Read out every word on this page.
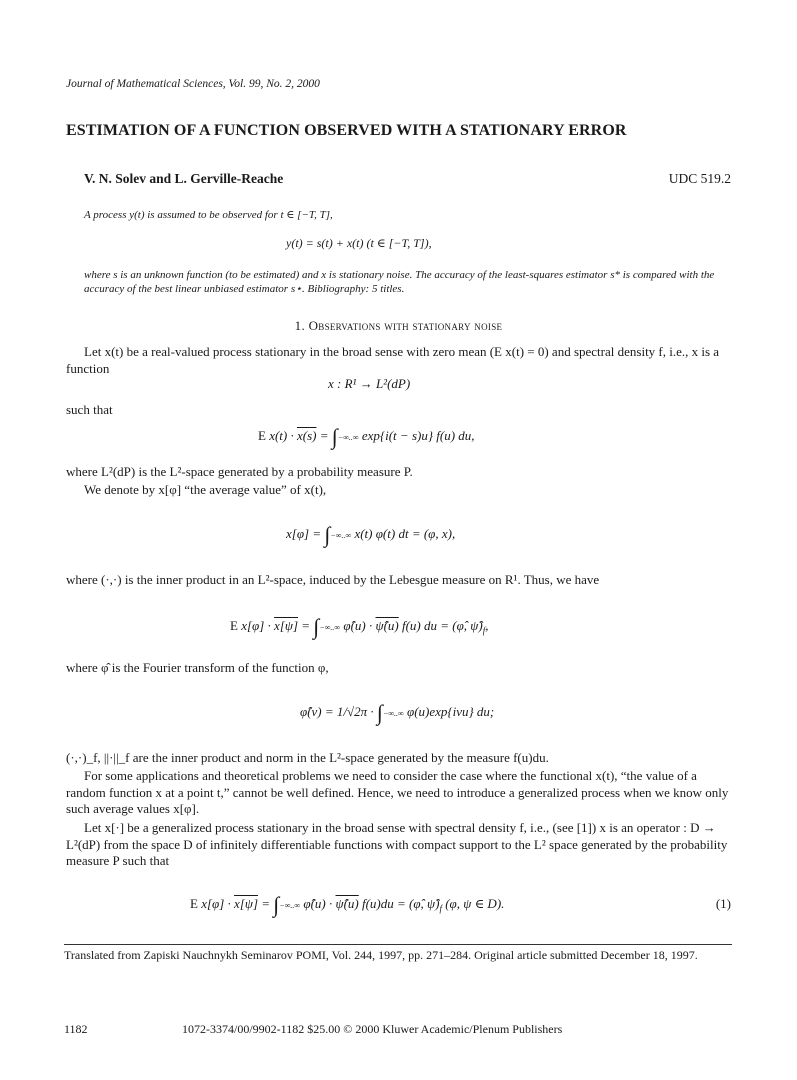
Journal of Mathematical Sciences, Vol. 99, No. 2, 2000
ESTIMATION OF A FUNCTION OBSERVED WITH A STATIONARY ERROR
V. N. Solev and L. Gerville-Reache	UDC 519.2
A process y(t) is assumed to be observed for t ∈ [−T, T],
y(t) = s(t) + x(t) (t ∈ [−T, T]),
where s is an unknown function (to be estimated) and x is stationary noise. The accuracy of the least-squares estimator s* is compared with the accuracy of the best linear unbiased estimator s⋆. Bibliography: 5 titles.
1. Observations with stationary noise
Let x(t) be a real-valued process stationary in the broad sense with zero mean (E x(t) = 0) and spectral density f, i.e., x is a function
x : R¹ → L²(dP)
such that
E x(t) · x(s) = ∫−∞..∞ exp{i(t − s)u} f(u) du,
where L²(dP) is the L²-space generated by a probability measure P.
We denote by x[φ] “the average value” of x(t),
x[φ] = ∫−∞..∞ x(t) φ(t) dt = (φ, x),
where (·,·) is the inner product in an L²-space, induced by the Lebesgue measure on R¹. Thus, we have
E x[φ] · x[ψ] = ∫−∞..∞ φ̂(u) · ψ̂(u) f(u) du = (φ̂, $\psî)_f$,
where φ̂ is the Fourier transform of the function φ,
φ̂(v) = 1/√2π · ∫−∞..∞ φ(u)exp{ivu} du;
(·,·)_f, ||·||_f are the inner product and norm in the L²-space generated by the measure f(u)du.
For some applications and theoretical problems we need to consider the case where the functional x(t), “the value of a random function x at a point t,” cannot be well defined. Hence, we need to introduce a generalized process when we know only such average values x[φ].
Let x[·] be a generalized process stationary in the broad sense with spectral density f, i.e., (see [1]) x is an operator : D → L²(dP) from the space D of infinitely differentiable functions with compact support to the L² space generated by the probability measure P such that
E x[φ] · x[ψ] = ∫−∞..∞ φ̂(u) · ψ̂(u) f(u)du = (φ̂, $\psî)_f$ (φ, ψ ∈ D).	(1)
Translated from Zapiski Nauchnykh Seminarov POMI, Vol. 244, 1997, pp. 271–284. Original article submitted December 18, 1997.
1182	1072-3374/00/9902-1182 $25.00 © 2000 Kluwer Academic/Plenum Publishers
